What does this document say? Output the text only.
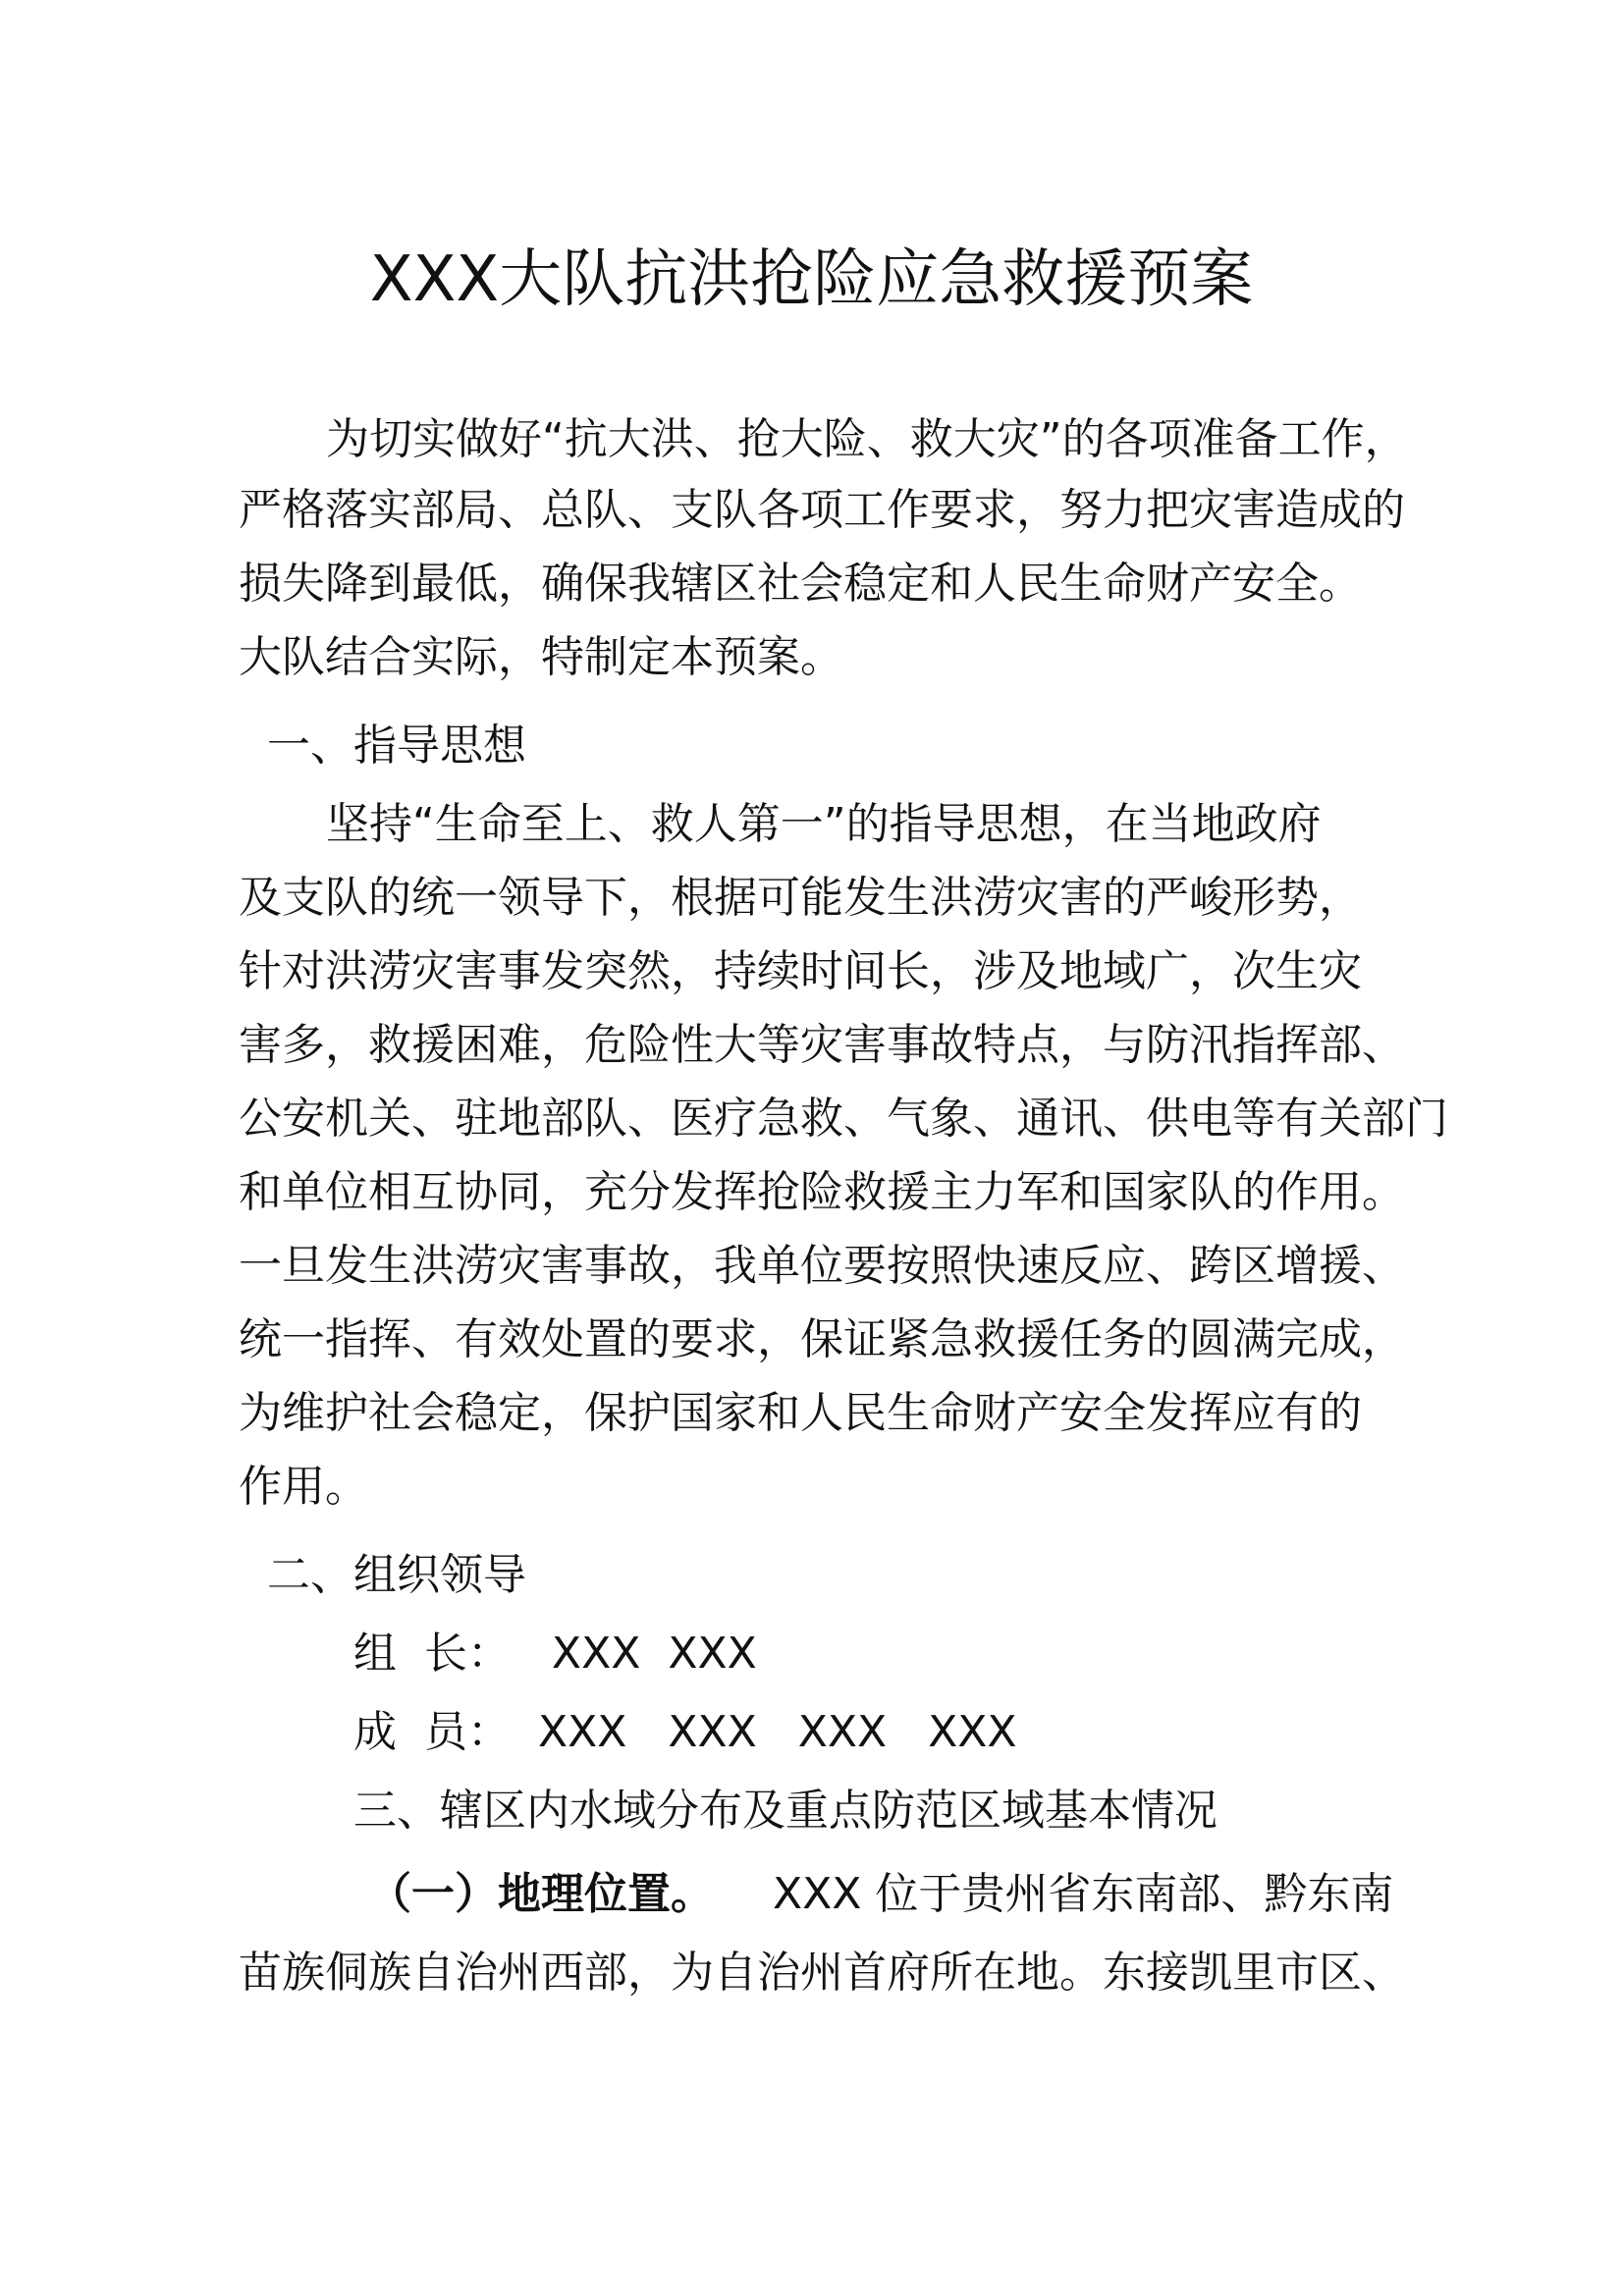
XXX大队抗洪抢险应急救援预案
为切实做好“抗大洪、抢大险、救大灾”的各项准备工作，
严格落实部局、总队、支队各项工作要求，努力把灾害造成的
损失降到最低，确保我辖区社会稳定和人民生命财产安全。
大队结合实际，特制定本预案。
一、指导思想
坚持“生命至上、救人第一”的指导思想，在当地政府
及支队的统一领导下，根据可能发生洪涝灾害的严峻形势，
针对洪涝灾害事发突然，持续时间长，涉及地域广，次生灾
害多，救援困难，危险性大等灾害事故特点，与防汛指挥部、
公安机关、驻地部队、医疗急救、气象、通讯、供电等有关部门
和单位相互协同，充分发挥抢险救援主力军和国家队的作用。
一旦发生洪涝灾害事故，我单位要按照快速反应、跨区增援、
统一指挥、有效处置的要求，保证紧急救援任务的圆满完成，
为维护社会稳定，保护国家和人民生命财产安全发挥应有的
作用。
二、组织领导
组  长：   XXX  XXX
成  员：  XXX   XXX   XXX   XXX
三、辖区内水域分布及重点防范区域基本情况
（一）地理位置。 XXX 位于贵州省东南部、黔东南
苗族侗族自治州西部，为自治州首府所在地。东接凯里市区、
